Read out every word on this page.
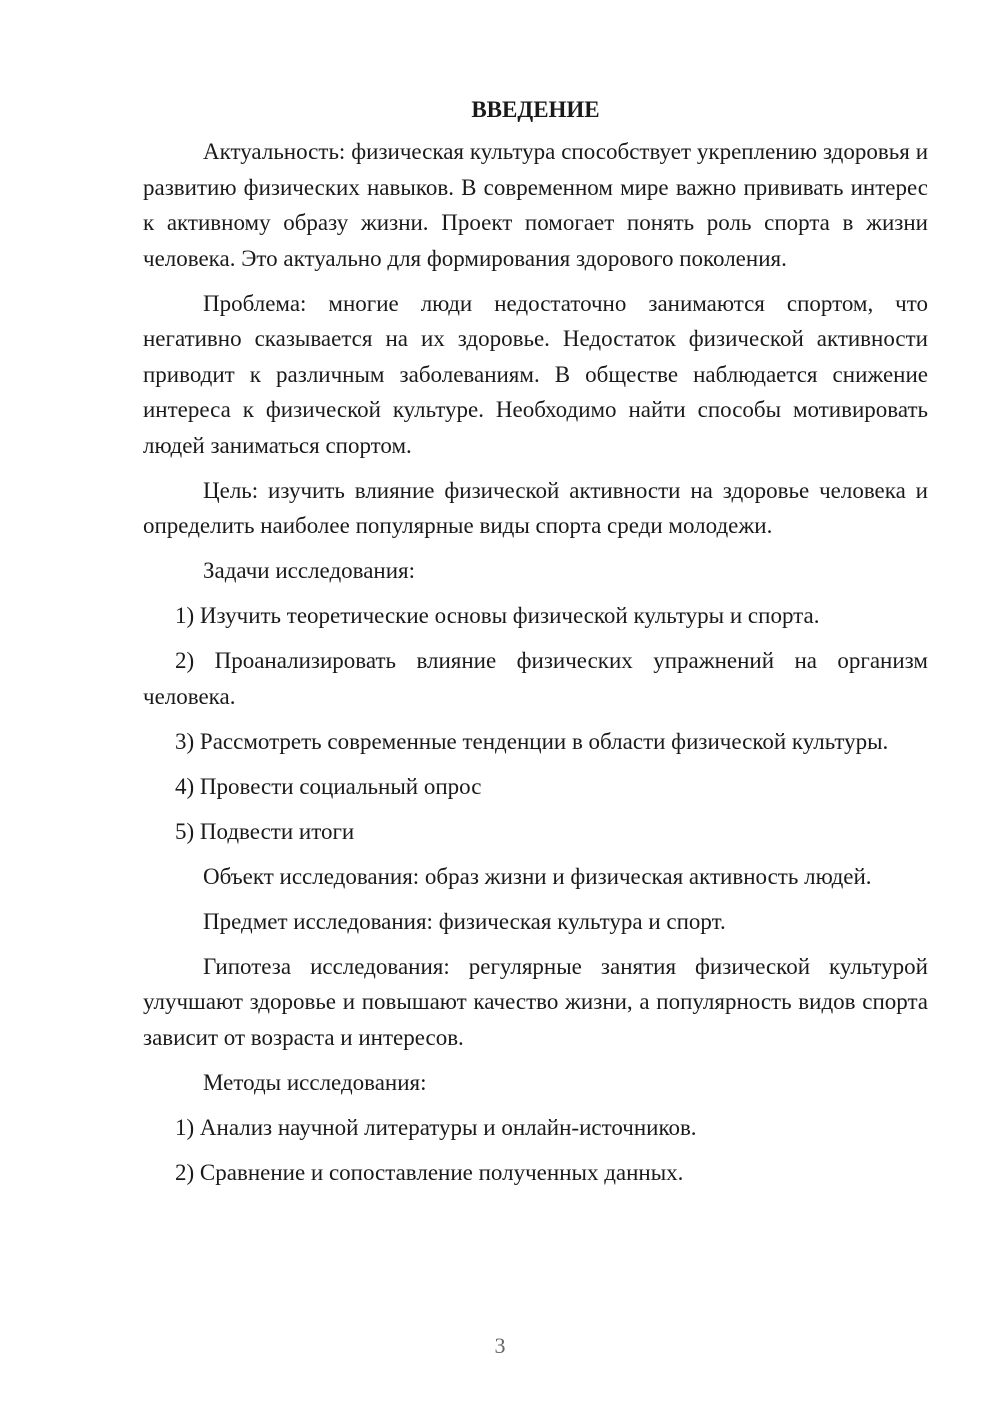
ВВЕДЕНИЕ

Актуальность: физическая культура способствует укреплению здоровья и развитию физических навыков. В современном мире важно прививать интерес к активному образу жизни. Проект помогает понять роль спорта в жизни человека. Это актуально для формирования здорового поколения.

Проблема: многие люди недостаточно занимаются спортом, что негативно сказывается на их здоровье. Недостаток физической активности приводит к различным заболеваниям. В обществе наблюдается снижение интереса к физической культуре. Необходимо найти способы мотивировать людей заниматься спортом.

Цель: изучить влияние физической активности на здоровье человека и определить наиболее популярные виды спорта среди молодежи.

Задачи исследования:

1) Изучить теоретические основы физической культуры и спорта.

2) Проанализировать влияние физических упражнений на организм человека.

3) Рассмотреть современные тенденции в области физической культуры.

4) Провести социальный опрос

5) Подвести итоги

Объект исследования: образ жизни и физическая активность людей.

Предмет исследования: физическая культура и спорт.

Гипотеза исследования: регулярные занятия физической культурой улучшают здоровье и повышают качество жизни, а популярность видов спорта зависит от возраста и интересов.

Методы исследования:

1) Анализ научной литературы и онлайн-источников.

2) Сравнение и сопоставление полученных данных.

3
